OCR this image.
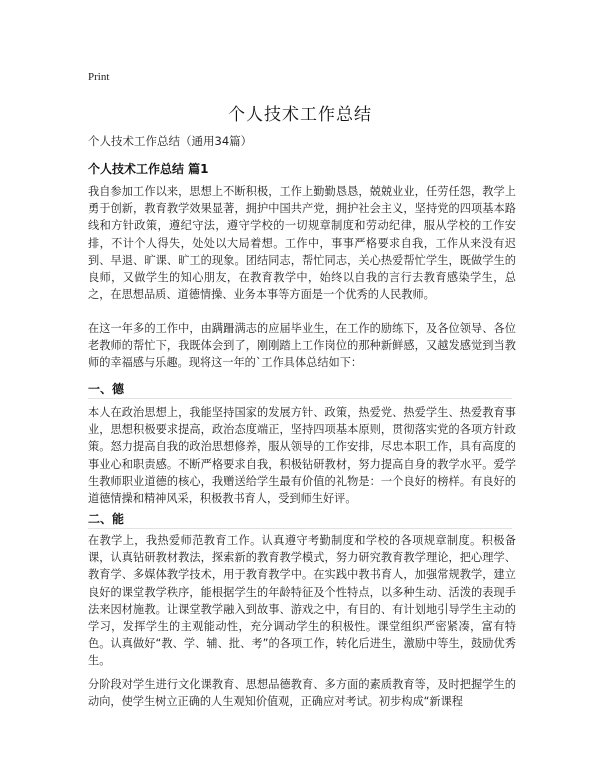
Print
个人技术工作总结
个人技术工作总结（通用34篇）
个人技术工作总结 篇1
我自参加工作以来，思想上不断积极，工作上勤勤恳恳，兢兢业业，任劳任怨，教学上勇于创新，教育教学效果显著，拥护中国共产党，拥护社会主义，坚持党的四项基本路线和方针政策，遵纪守法，遵守学校的一切规章制度和劳动纪律，服从学校的工作安排，不计个人得失，处处以大局着想。工作中，事事严格要求自我，工作从来没有迟到、早退、旷课、旷工的现象。团结同志，帮忙同志，关心热爱帮忙学生，既做学生的良师，又做学生的知心朋友，在教育教学中，始终以自我的言行去教育感染学生，总之，在思想品质、道德情操、业务本事等方面是一个优秀的人民教师。
在这一年多的工作中，由蹒跚满志的应届毕业生，在工作的励练下，及各位领导、各位老教师的帮忙下，我既体会到了，刚刚踏上工作岗位的那种新鲜感，又越发感觉到当教师的幸福感与乐趣。现将这一年的`工作具体总结如下：
一、德
本人在政治思想上，我能坚持国家的发展方针、政策，热爱党、热爱学生、热爱教育事业，思想积极要求提高，政治态度端正，坚持四项基本原则，贯彻落实党的各项方针政策。怒力提高自我的政治思想修养，服从领导的工作安排，尽忠本职工作，具有高度的事业心和职责感。不断严格要求自我，积极钻研教材，努力提高自身的教学水平。爱学生教师职业道德的核心，我赠送给学生最有价值的礼物是：一个良好的榜样。有良好的道德情操和精神风采，积极教书育人，受到师生好评。
二、能
在教学上，我热爱师范教育工作。认真遵守考勤制度和学校的各项规章制度。积极备课，认真钻研教材教法，探索新的教育教学模式，努力研究教育教学理论，把心理学、教育学、多媒体教学技术，用于教育教学中。在实践中教书育人，加强常规教学，建立良好的课堂教学秩序，能根据学生的年龄特征及个性特点，以多种生动、活泼的表现手法来因材施教。让课堂教学融入到故事、游戏之中，有目的、有计划地引导学生主动的学习，发挥学生的主观能动性，充分调动学生的积极性。课堂组织严密紧凑，富有特色。认真做好“教、学、辅、批、考”的各项工作，转化后进生，激励中等生，鼓励优秀生。
分阶段对学生进行文化课教育、思想品德教育、多方面的素质教育等，及时把握学生的动向，使学生树立正确的人生观知价值观，正确应对考试。初步构成“新课程
